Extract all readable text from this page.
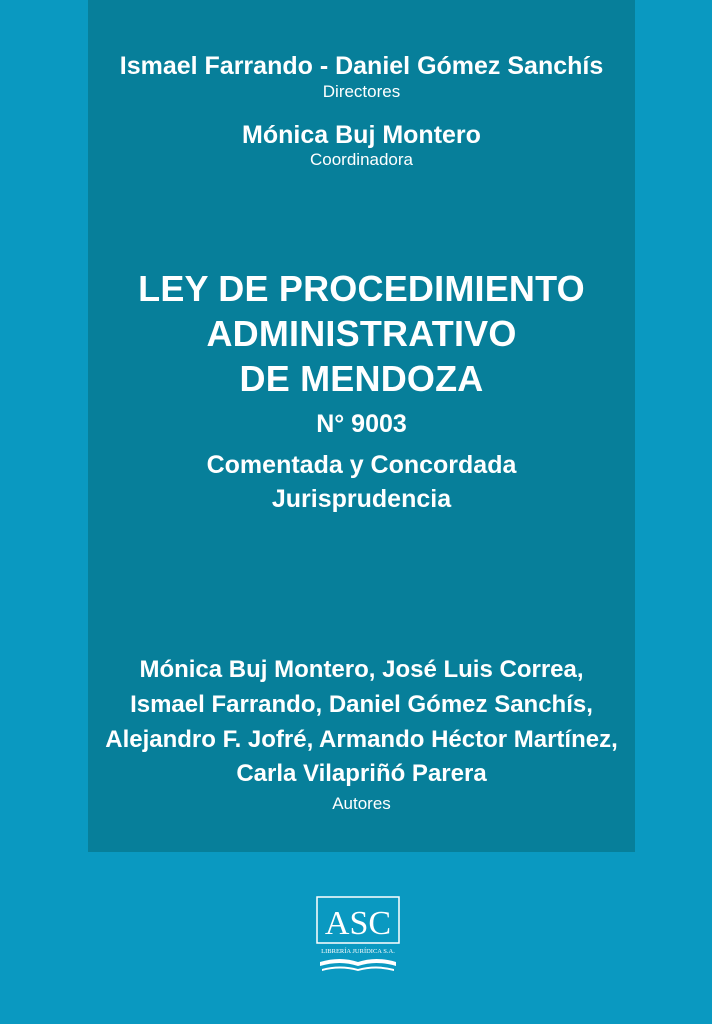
Ismael Farrando - Daniel Gómez Sanchís
Directores
Mónica Buj Montero
Coordinadora
LEY DE PROCEDIMIENTO
ADMINISTRATIVO
DE MENDOZA
N° 9003
Comentada y Concordada
Jurisprudencia
Mónica Buj Montero, José Luis Correa,
Ismael Farrando, Daniel Gómez Sanchís,
Alejandro F. Jofré, Armando Héctor Martínez,
Carla Vilapriñó Parera
Autores
ASC
LIBRERÍA JURÍDICA S.A.
